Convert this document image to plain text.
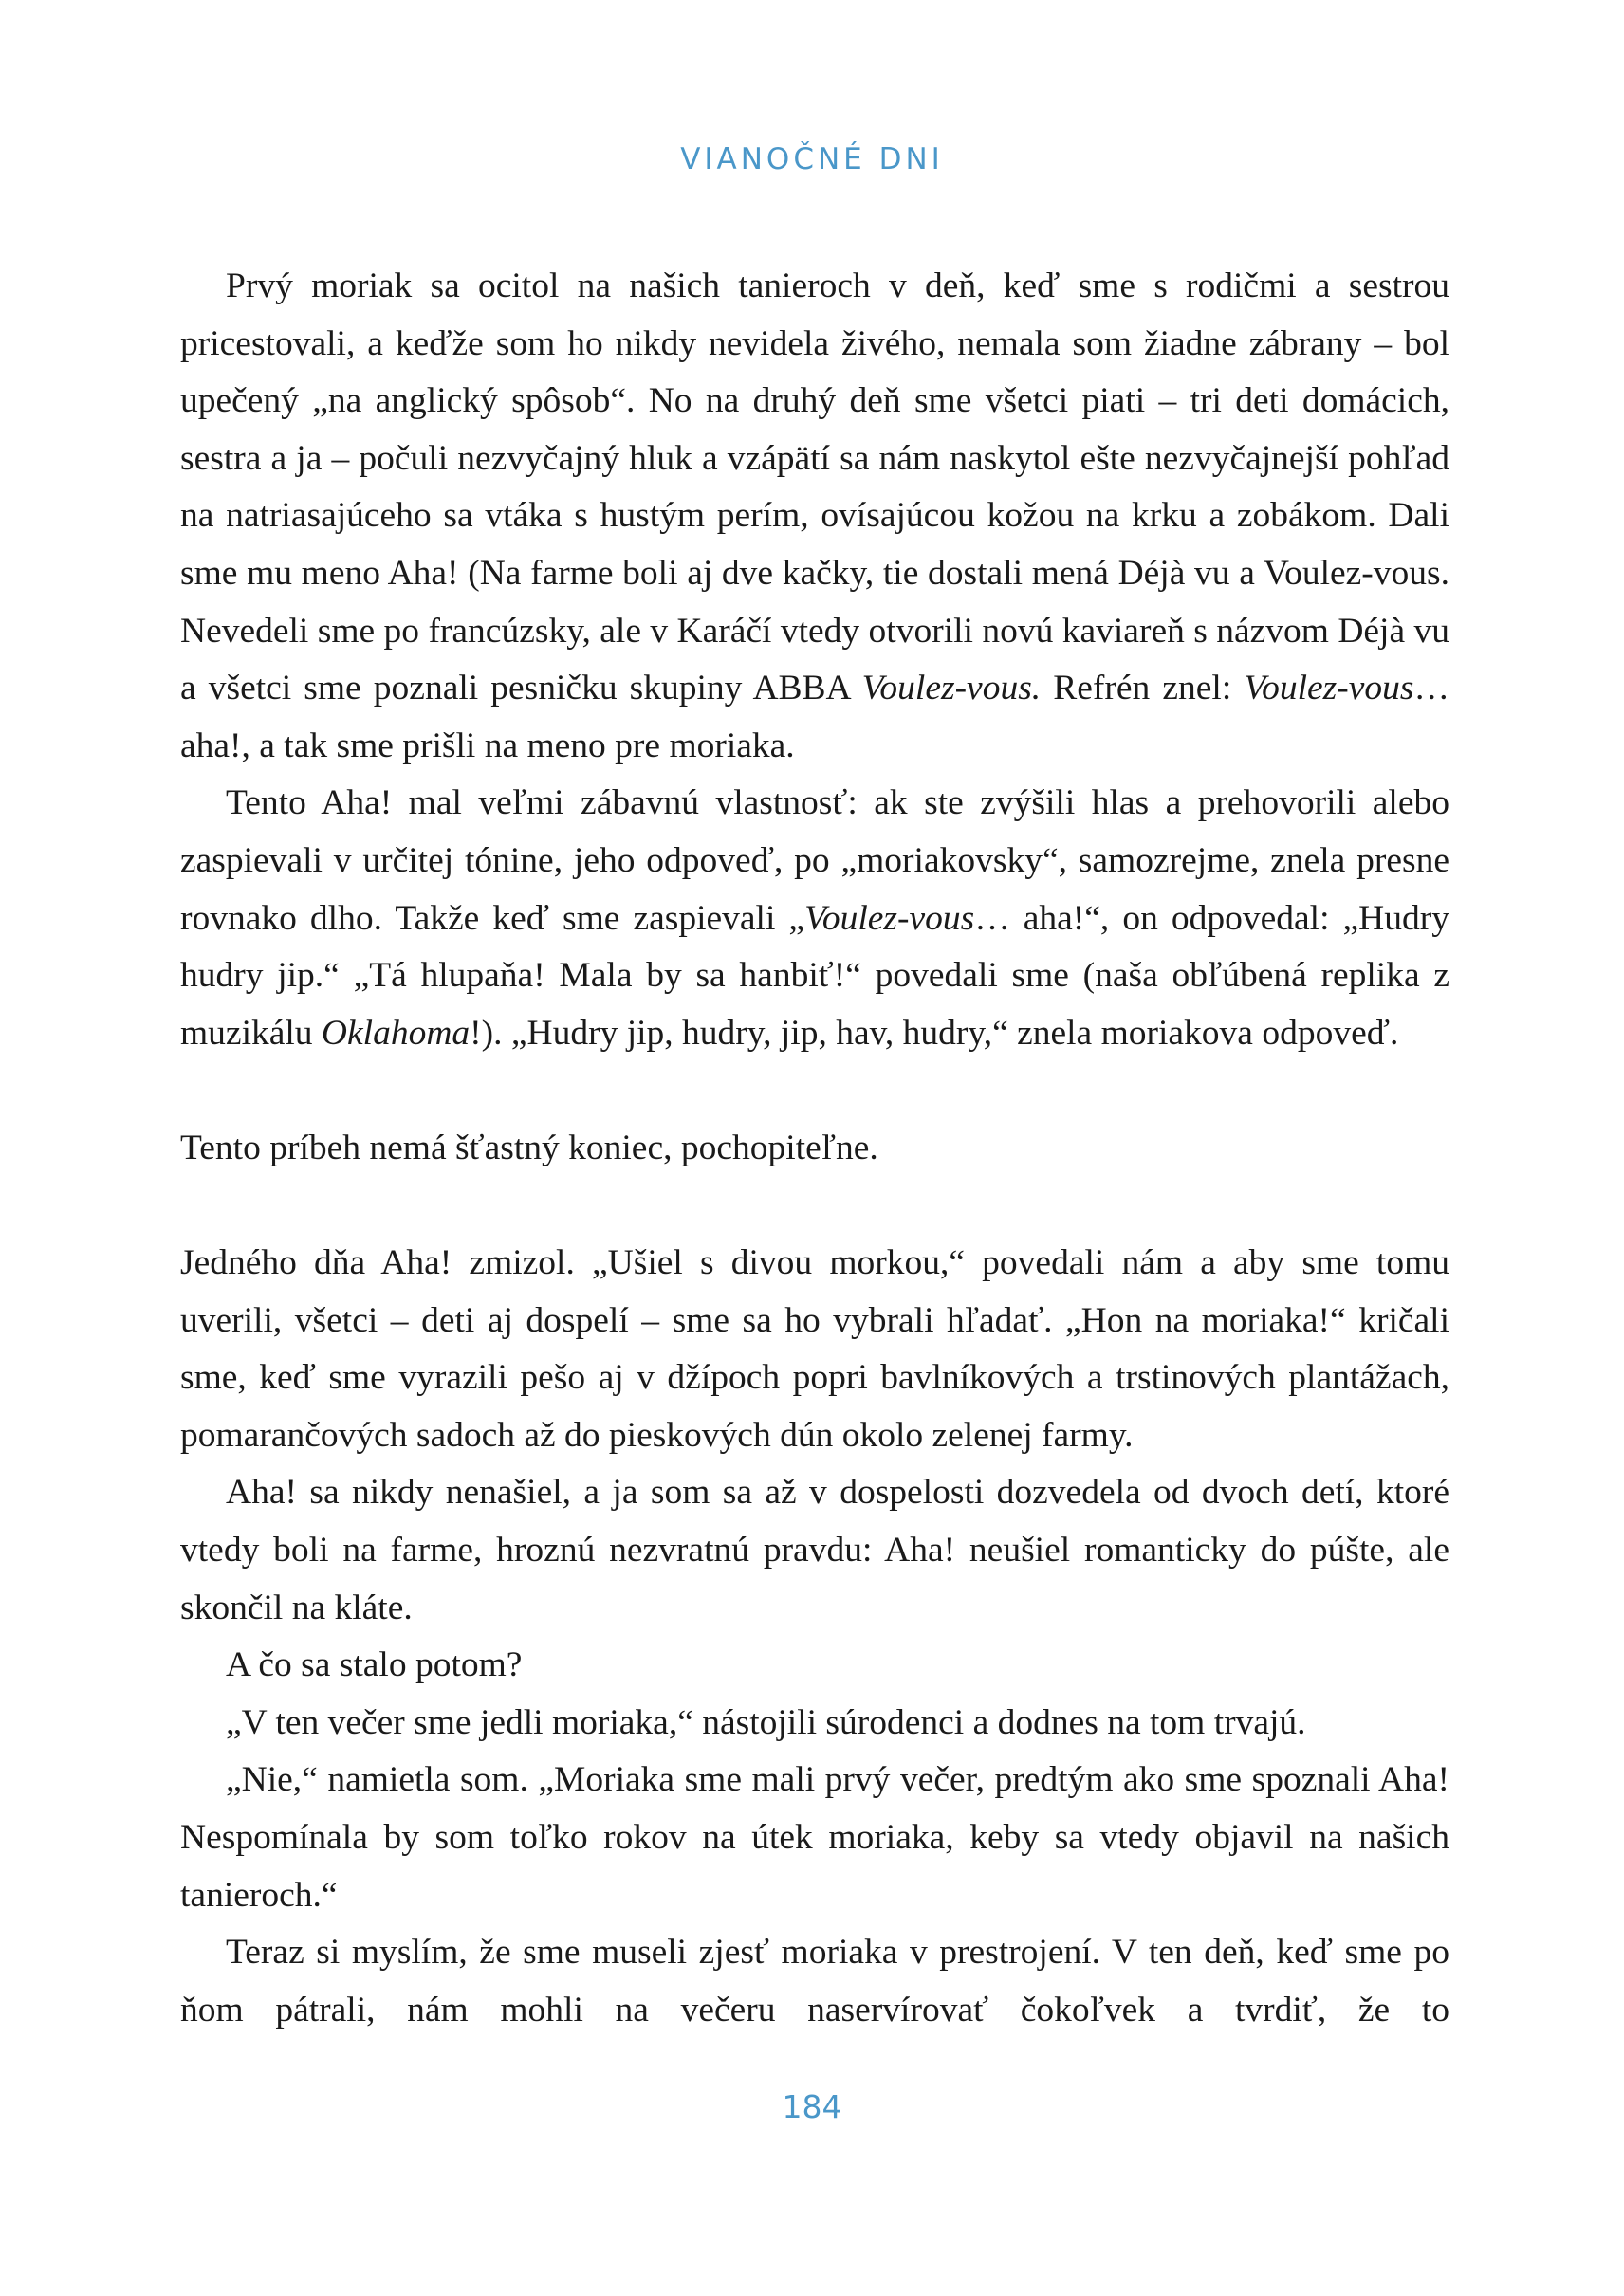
VIANOČNÉ DNI

Prvý moriak sa ocitol na našich tanieroch v deň, keď sme s rodičmi a sestrou pricestovali, a keďže som ho nikdy nevidela živého, nemala som žiadne zábrany – bol upečený „na anglický spôsob“. No na druhý deň sme všetci piati – tri deti domácich, sestra a ja – počuli nezvyčajný hluk a vzápätí sa nám naskytol ešte nezvyčajnejší pohľad na natriasajúceho sa vtáka s hustým perím, ovísajúcou kožou na krku a zobákom. Dali sme mu meno Aha! (Na farme boli aj dve kačky, tie dostali mená Déjà vu a Voulez-vous. Nevedeli sme po francúzsky, ale v Karáčí vtedy otvorili novú kaviareň s názvom Déjà vu a všetci sme poznali pesničku skupiny ABBA Voulez-vous. Refrén znel: Voulez-vous… aha!, a tak sme prišli na meno pre moriaka.

Tento Aha! mal veľmi zábavnú vlastnosť: ak ste zvýšili hlas a prehovorili alebo zaspievali v určitej tónine, jeho odpoveď, po „moriakovsky“, samozrejme, znela presne rovnako dlho. Takže keď sme zaspievali „Voulez-vous… aha!“, on odpovedal: „Hudry hudry jip.“ „Tá hlupaňa! Mala by sa hanbiť!“ povedali sme (naša obľúbená replika z muzikálu Oklahoma!). „Hudry jip, hudry, jip, hav, hudry,“ znela moriakova odpoveď.

Tento príbeh nemá šťastný koniec, pochopiteľne.

Jedného dňa Aha! zmizol. „Ušiel s divou morkou,“ povedali nám a aby sme tomu uverili, všetci – deti aj dospelí – sme sa ho vybrali hľadať. „Hon na moriaka!“ kričali sme, keď sme vyrazili pešo aj v džípoch popri bavlníkových a trstinových plantážach, pomarančových sadoch až do pieskových dún okolo zelenej farmy.

Aha! sa nikdy nenašiel, a ja som sa až v dospelosti dozvedela od dvoch detí, ktoré vtedy boli na farme, hroznú nezvratnú pravdu: Aha! neušiel romanticky do púšte, ale skončil na kláte.

A čo sa stalo potom?

„V ten večer sme jedli moriaka,“ nástojili súrodenci a dodnes na tom trvajú.

„Nie,“ namietla som. „Moriaka sme mali prvý večer, predtým ako sme spoznali Aha! Nespomínala by som toľko rokov na útek moriaka, keby sa vtedy objavil na našich tanieroch.“

Teraz si myslím, že sme museli zjesť moriaka v prestrojení. V ten deň, keď sme po ňom pátrali, nám mohli na večeru naservírovať čokoľvek a tvrdiť, že to

184
